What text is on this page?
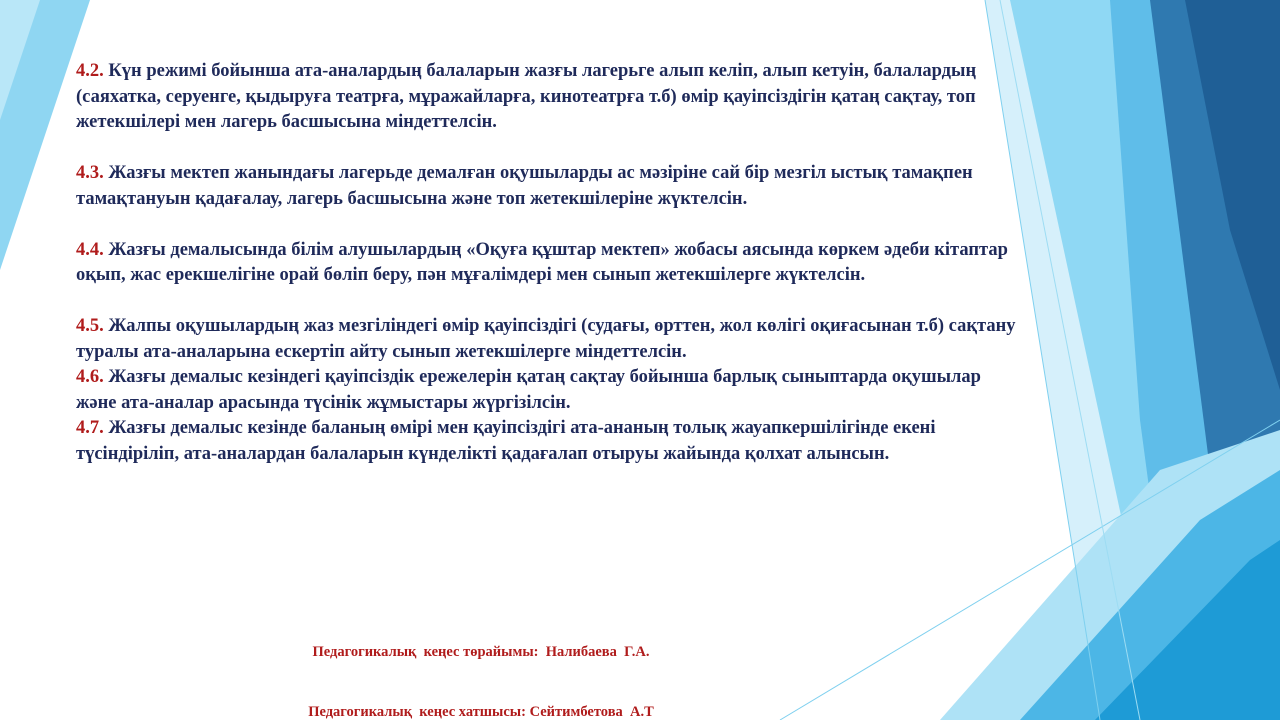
4.2. Күн режимі бойынша ата-аналардың балаларын жазғы лагерьге алып келіп, алып кетуін, балалардың (саяхатка, серуенге, қыдыруға театрға, мұражайларға, кинотеатрға т.б) өмір қауіпсіздігін қатаң сақтау, топ жетекшілері мен лагерь басшысына міндеттелсін.

4.3. Жазғы мектеп жанындағы лагерьде демалған оқушыларды ас мәзіріне сай бір мезгіл ыстық тамақпен тамақтануын қадағалау, лагерь басшысына және топ жетекшілеріне жүктелсін.

4.4. Жазғы демалысында білім алушылардың «Оқуға құштар мектеп» жобасы аясында көркем әдеби кітаптар оқып, жас ерекшелігіне орай бөліп беру, пән мұғалімдері мен сынып жетекшілерге жүктелсін.

4.5. Жалпы оқушылардың жаз мезгіліндегі өмір қауіпсіздігі (судағы, өрттен, жол көлігі оқиғасынан т.б) сақтану туралы ата-аналарына ескертіп айту сынып жетекшілерге міндеттелсін.

4.6. Жазғы демалыс кезіндегі қауіпсіздік ережелерін қатаң сақтау бойынша барлық сыныптарда оқушылар және ата-аналар арасында түсінік жұмыстары жүргізілсін.

4.7. Жазғы демалыс кезінде баланың өмірі мен қауіпсіздігі ата-ананың толық жауапкершілігінде екені түсіндіріліп, ата-аналардан балаларын күнделікті қадағалап отыруы жайында қолхат алынсын.

Педагогикалық  кеңес төрайымы:  Налибаева  Г.А.

Педагогикалық  кеңес хатшысы: Сейтимбетова  А.Т
